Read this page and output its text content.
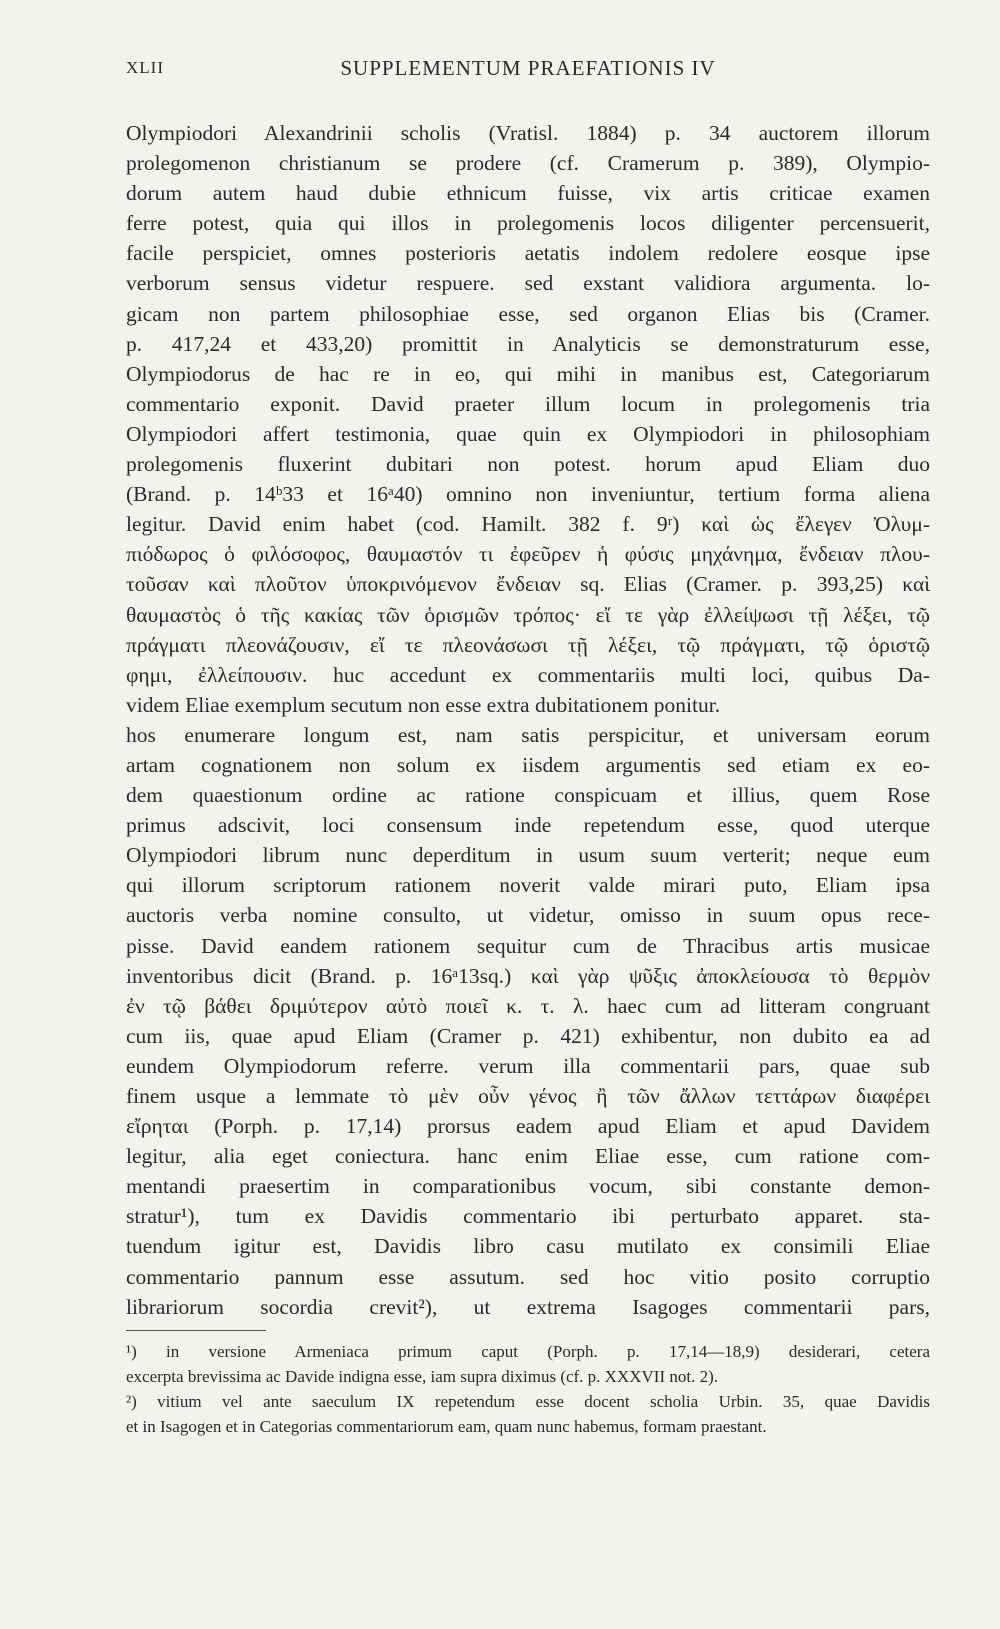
XLII	SUPPLEMENTUM PRAEFATIONIS IV
Olympiodori Alexandrinii scholis (Vratisl. 1884) p. 34 auctorem illorum
prolegomenon christianum se prodere (cf. Cramerum p. 389), Olympio-
dorum autem haud dubie ethnicum fuisse, vix artis criticae examen
ferre potest, quia qui illos in prolegomenis locos diligenter percensuerit,
facile perspiciet, omnes posterioris aetatis indolem redolere eosque ipse
verborum sensus videtur respuere. sed exstant validiora argumenta. lo-
gicam non partem philosophiae esse, sed organon Elias bis (Cramer.
p. 417,24 et 433,20) promittit in Analyticis se demonstraturum esse,
Olympiodorus de hac re in eo, qui mihi in manibus est, Categoriarum
commentario exponit. David praeter illum locum in prolegomenis tria
Olympiodori affert testimonia, quae quin ex Olympiodori in philosophiam
prolegomenis fluxerint dubitari non potest. horum apud Eliam duo
(Brand. p. 14ᵇ33 et 16ᵃ40) omnino non inveniuntur, tertium forma aliena
legitur. David enim habet (cod. Hamilt. 382 f. 9ʳ) καὶ ὡς ἔλεγεν Ὀλυμ-
πιόδωρος ὁ φιλόσοφος, θαυμαστόν τι ἐφεῦρεν ἡ φύσις μηχάνημα, ἔνδειαν πλου-
τοῦσαν καὶ πλοῦτον ὑποκρινόμενον ἔνδειαν sq. Elias (Cramer. p. 393,25) καὶ
θαυμαστὸς ὁ τῆς κακίας τῶν ὁρισμῶν τρόπος· εἴ τε γὰρ ἐλλείψωσι τῇ λέξει, τῷ
πράγματι πλεονάζουσιν, εἴ τε πλεονάσωσι τῇ λέξει, τῷ πράγματι, τῷ ὁριστῷ
φημι, ἐλλείπουσιν. huc accedunt ex commentariis multi loci, quibus Da-
videm Eliae exemplum secutum non esse extra dubitationem ponitur.
hos enumerare longum est, nam satis perspicitur, et universam eorum
artam cognationem non solum ex iisdem argumentis sed etiam ex eo-
dem quaestionum ordine ac ratione conspicuam et illius, quem Rose
primus adscivit, loci consensum inde repetendum esse, quod uterque
Olympiodori librum nunc deperditum in usum suum verterit; neque eum
qui illorum scriptorum rationem noverit valde mirari puto, Eliam ipsa
auctoris verba nomine consulto, ut videtur, omisso in suum opus rece-
pisse. David eandem rationem sequitur cum de Thracibus artis musicae
inventoribus dicit (Brand. p. 16ᵃ13sq.) καὶ γὰρ ψῦξις ἀποκλείουσα τὸ θερμὸν
ἐν τῷ βάθει δριμύτερον αὐτὸ ποιεῖ κ. τ. λ. haec cum ad litteram congruant
cum iis, quae apud Eliam (Cramer p. 421) exhibentur, non dubito ea ad
eundem Olympiodorum referre. verum illa commentarii pars, quae sub
finem usque a lemmate τὸ μὲν οὖν γένος ἢ τῶν ἄλλων τεττάρων διαφέρει
εἴρηται (Porph. p. 17,14) prorsus eadem apud Eliam et apud Davidem
legitur, alia eget coniectura. hanc enim Eliae esse, cum ratione com-
mentandi praesertim in comparationibus vocum, sibi constante demon-
stratur¹), tum ex Davidis commentario ibi perturbato apparet. sta-
tuendum igitur est, Davidis libro casu mutilato ex consimili Eliae
commentario pannum esse assutum. sed hoc vitio posito corruptio
librariorum socordia crevit²), ut extrema Isagoges commentarii pars,
¹) in versione Armeniaca primum caput (Porph. p. 17,14—18,9) desiderari, cetera
excerpta brevissima ac Davide indigna esse, iam supra diximus (cf. p. XXXVII not. 2).
²) vitium vel ante saeculum IX repetendum esse docent scholia Urbin. 35, quae Davidis
et in Isagogen et in Categorias commentariorum eam, quam nunc habemus, formam praestant.
